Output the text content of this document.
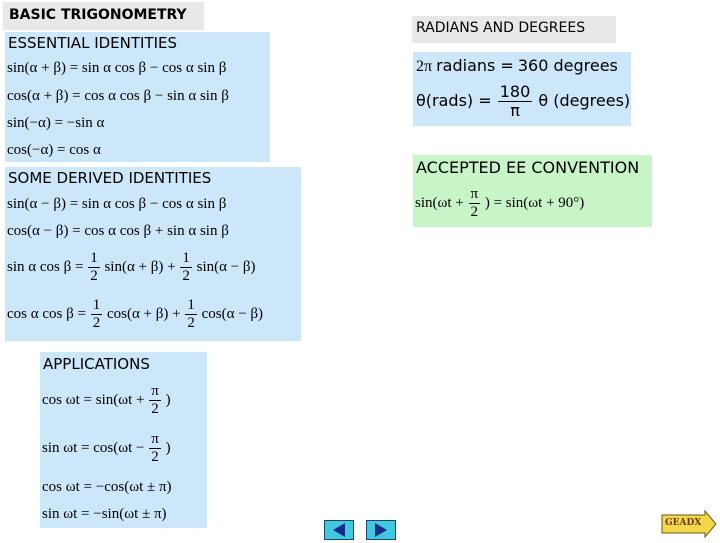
BASIC TRIGONOMETRY
ESSENTIAL IDENTITIES
sin(α + β) = sin α cos β − cos α sin β
cos(α + β) = cos α cos β − sin α sin β
sin(−α) = −sin α
cos(−α) = cos α
SOME DERIVED IDENTITIES
sin(α − β) = sin α cos β − cos α sin β
cos(α − β) = cos α cos β + sin α sin β
sin α $\cos \beta = \frac{1}{2} \sin(\alpha + \beta) + \frac{1}{2} \sin(\alpha - \beta)$
cos α $\cos \beta = \frac{1}{2} \cos(\alpha + \beta) + \frac{1}{2} \cos(\alpha - \beta)$
APPLICATIONS
$\cos \omega t = \sin(\omega t + \frac{\pi}{2}$ )
$\sin \omega t = \cos(\omega t - \frac{\pi}{2}$ )
cos ωt = −cos(ωt ± π)
sin ωt = −sin(ωt ± π)
RADIANS AND DEGREES
2π radians = 360 degrees
θ(rads) = $\frac{180}{\pi}$ θ (degrees)
ACCEPTED EE CONVENTION
$\sin(\omega t + \frac{\pi}{2}$ ) = sin(ωt + 90°)
GEADX
